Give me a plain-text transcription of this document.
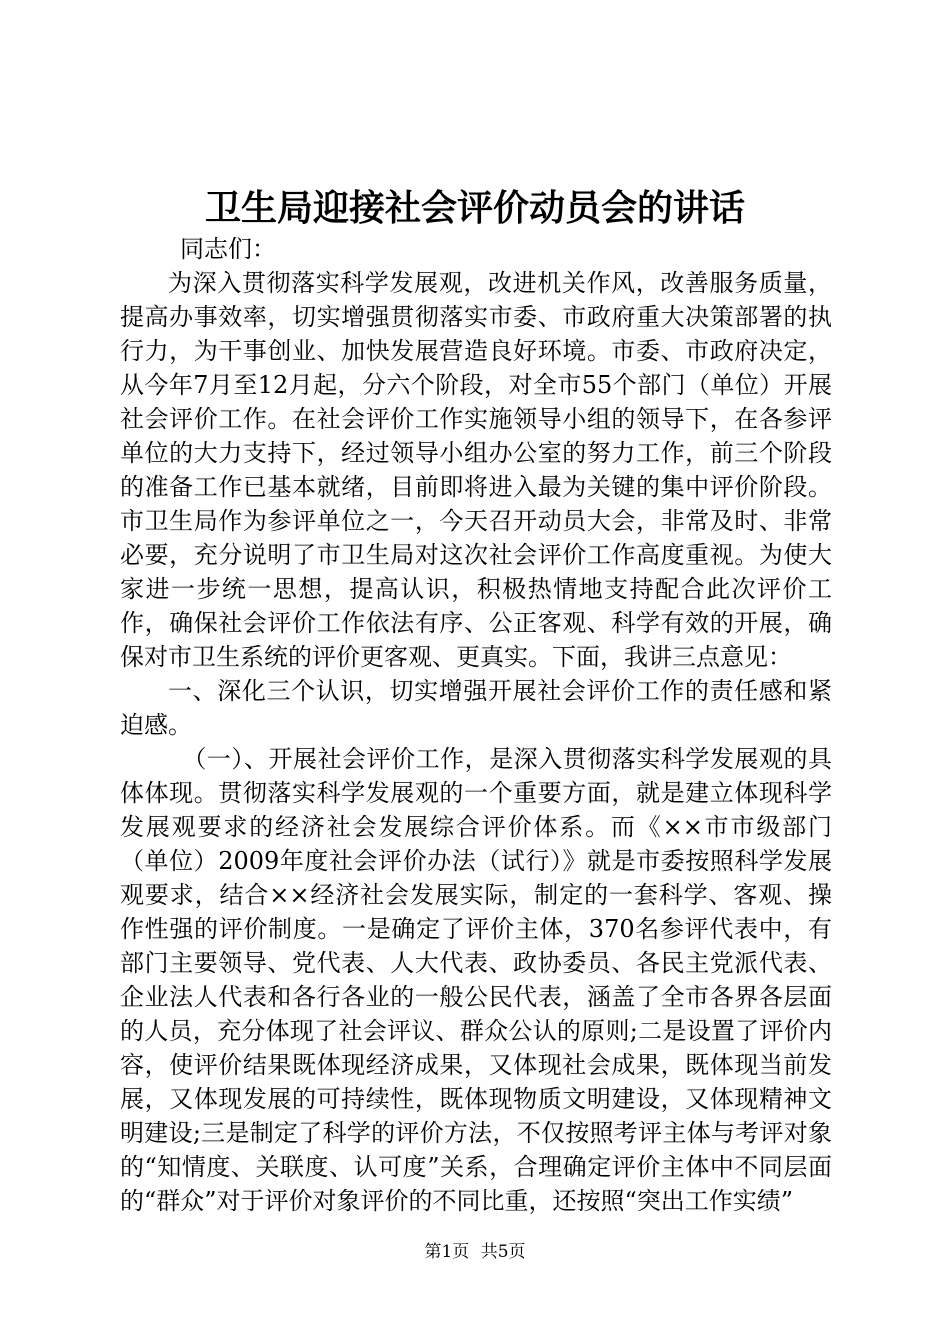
卫生局迎接社会评价动员会的讲话

同志们：

为深入贯彻落实科学发展观，改进机关作风，改善服务质量，提高办事效率，切实增强贯彻落实市委、市政府重大决策部署的执行力，为干事创业、加快发展营造良好环境。市委、市政府决定，从今年7月至12月起，分六个阶段，对全市55个部门（单位）开展社会评价工作。在社会评价工作实施领导小组的领导下，在各参评单位的大力支持下，经过领导小组办公室的努力工作，前三个阶段的准备工作已基本就绪，目前即将进入最为关键的集中评价阶段。市卫生局作为参评单位之一，今天召开动员大会，非常及时、非常必要，充分说明了市卫生局对这次社会评价工作高度重视。为使大家进一步统一思想，提高认识，积极热情地支持配合此次评价工作，确保社会评价工作依法有序、公正客观、科学有效的开展，确保对市卫生系统的评价更客观、更真实。下面，我讲三点意见：

一、深化三个认识，切实增强开展社会评价工作的责任感和紧迫感。

（一）、开展社会评价工作，是深入贯彻落实科学发展观的具体体现。贯彻落实科学发展观的一个重要方面，就是建立体现科学发展观要求的经济社会发展综合评价体系。而《××市市级部门（单位）2009年度社会评价办法（试行）》就是市委按照科学发展观要求，结合××经济社会发展实际，制定的一套科学、客观、操作性强的评价制度。一是确定了评价主体，370名参评代表中，有部门主要领导、党代表、人大代表、政协委员、各民主党派代表、企业法人代表和各行各业的一般公民代表，涵盖了全市各界各层面的人员，充分体现了社会评议、群众公认的原则;二是设置了评价内容，使评价结果既体现经济成果，又体现社会成果，既体现当前发展，又体现发展的可持续性，既体现物质文明建设，又体现精神文明建设;三是制定了科学的评价方法，不仅按照考评主体与考评对象的“知情度、关联度、认可度”关系，合理确定评价主体中不同层面的“群众”对于评价对象评价的不同比重，还按照“突出工作实绩”

第1页 共5页
